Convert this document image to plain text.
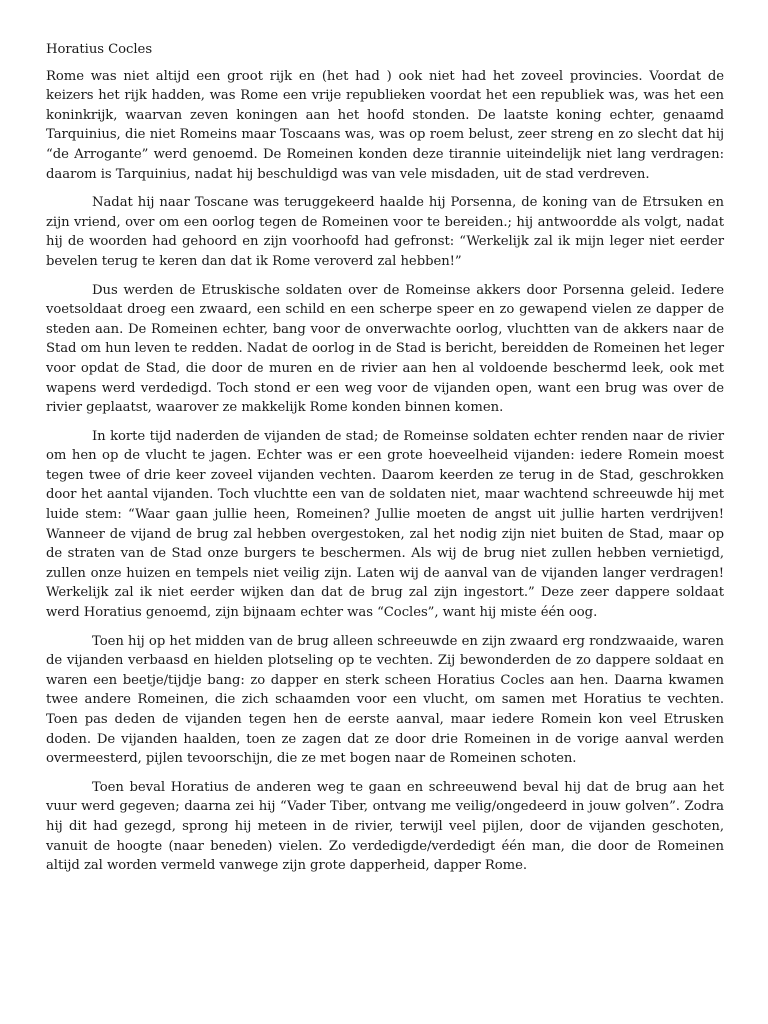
Horatius Cocles

Rome was niet altijd een groot rijk en (het had ) ook niet had het zoveel provincies. Voordat de keizers het rijk hadden, was Rome een vrije republieken voordat het een republiek was, was het een koninkrijk, waarvan zeven koningen aan het hoofd stonden. De laatste koning echter, genaamd Tarquinius, die niet Romeins maar Toscaans was, was op roem belust, zeer streng en zo slecht dat hij “de Arrogante” werd genoemd. De Romeinen konden deze tirannie uiteindelijk niet lang verdragen: daarom is Tarquinius, nadat hij beschuldigd was van vele misdaden, uit de stad verdreven.

Nadat hij naar Toscane was teruggekeerd haalde hij Porsenna, de koning van de Etrsuken en zijn vriend, over om een oorlog tegen de Romeinen voor te bereiden.; hij antwoordde als volgt, nadat hij de woorden had gehoord en zijn voorhoofd had gefronst: “Werkelijk zal ik mijn leger niet eerder bevelen terug te keren dan dat ik Rome veroverd zal hebben!”

Dus werden de Etruskische soldaten over de Romeinse akkers door Porsenna geleid. Iedere voetsoldaat droeg een zwaard, een schild en een scherpe speer en zo gewapend vielen ze dapper de steden aan. De Romeinen echter, bang voor de onverwachte oorlog, vluchtten van de akkers naar de Stad om hun leven te redden. Nadat de oorlog in de Stad is bericht, bereidden de Romeinen het leger voor opdat de Stad, die door de muren en de rivier aan hen al voldoende beschermd leek, ook met wapens werd verdedigd. Toch stond er een weg voor de vijanden open, want een brug was over de rivier geplaatst, waarover ze makkelijk Rome konden binnen komen.

In korte tijd naderden de vijanden de stad; de Romeinse soldaten echter renden naar de rivier om hen op de vlucht te jagen. Echter was er een grote hoeveelheid vijanden: iedere Romein moest tegen twee of drie keer zoveel vijanden vechten. Daarom keerden ze terug in de Stad, geschrokken door het aantal vijanden. Toch vluchtte een van de soldaten niet, maar wachtend schreeuwde hij met luide stem: “Waar gaan jullie heen, Romeinen? Jullie moeten de angst uit jullie harten verdrijven! Wanneer de vijand de brug zal hebben overgestoken, zal het nodig zijn niet buiten de Stad, maar op de straten van de Stad onze burgers te beschermen. Als wij de brug niet zullen hebben vernietigd, zullen onze huizen en tempels niet veilig zijn. Laten wij de aanval van de vijanden langer verdragen! Werkelijk zal ik niet eerder wijken dan dat de brug zal zijn ingestort.” Deze zeer dappere soldaat werd Horatius genoemd, zijn bijnaam echter was “Cocles”, want hij miste één oog.

Toen hij op het midden van de brug alleen schreeuwde en zijn zwaard erg rondzwaaide, waren de vijanden verbaasd en hielden plotseling op te vechten. Zij bewonderden de zo dappere soldaat en waren een beetje/tijdje bang: zo dapper en sterk scheen Horatius Cocles aan hen. Daarna kwamen twee andere Romeinen, die zich schaamden voor een vlucht, om samen met Horatius te vechten. Toen pas deden de vijanden tegen hen de eerste aanval, maar iedere Romein kon veel Etrusken doden. De vijanden haalden, toen ze zagen dat ze door drie Romeinen in de vorige aanval werden overmeesterd, pijlen tevoorschijn, die ze met bogen naar de Romeinen schoten.

Toen beval Horatius de anderen weg te gaan en schreeuwend beval hij dat de brug aan het vuur werd gegeven; daarna zei hij “Vader Tiber, ontvang me veilig/ongedeerd in jouw golven”. Zodra hij dit had gezegd, sprong hij meteen in de rivier, terwijl veel pijlen, door de vijanden geschoten, vanuit de hoogte (naar beneden) vielen. Zo verdedigde/verdedigt één man, die door de Romeinen altijd zal worden vermeld vanwege zijn grote dapperheid, dapper Rome.
